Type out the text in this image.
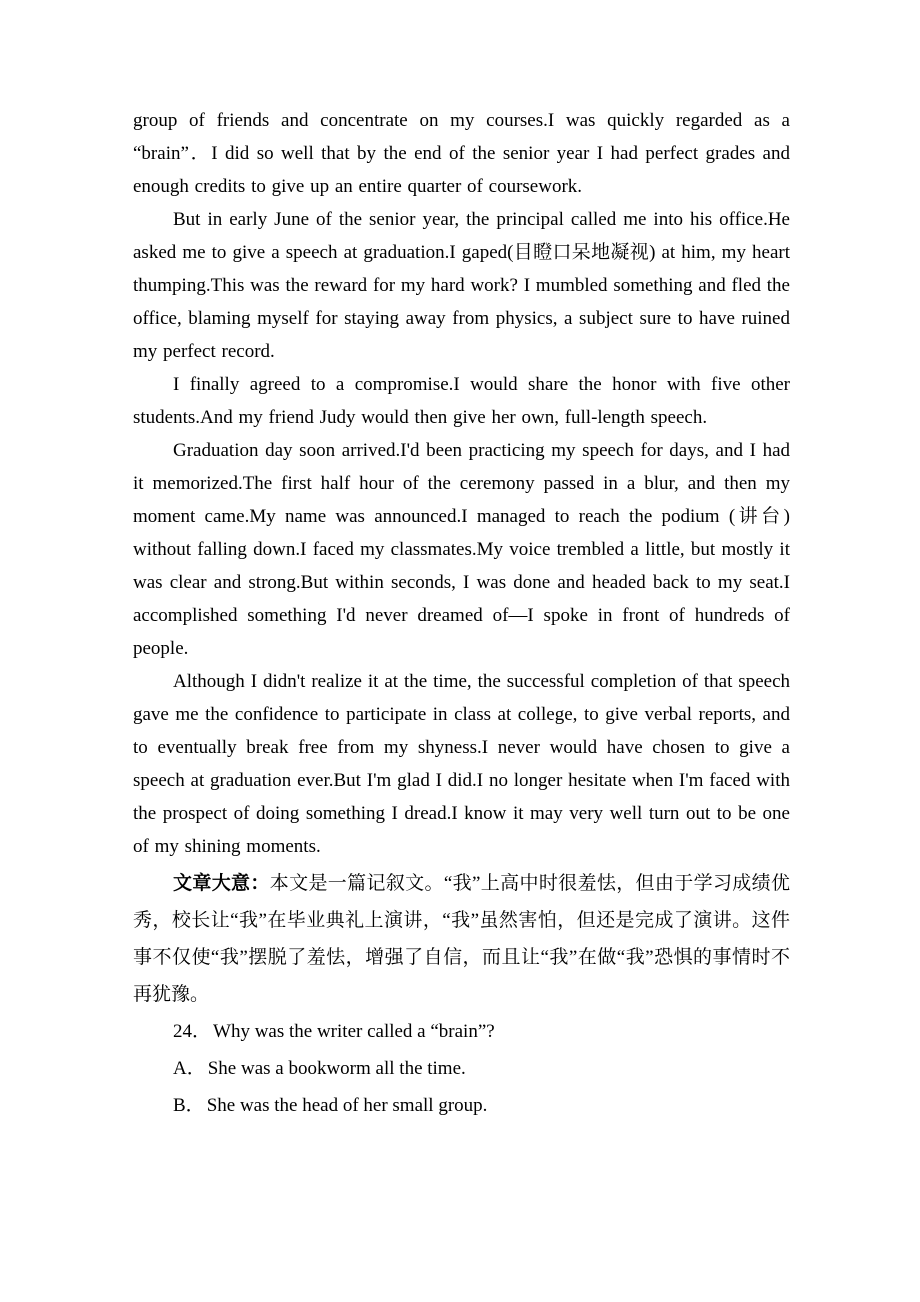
group of friends and concentrate on my courses.I was quickly regarded as a “brain”．I did so well that by the end of the senior year I had perfect grades and enough credits to give up an entire quarter of coursework.

But in early June of the senior year, the principal called me into his office.He asked me to give a speech at graduation.I gaped(目瞪口呆地凝视) at him, my heart thumping.This was the reward for my hard work? I mumbled something and fled the office, blaming myself for staying away from physics, a subject sure to have ruined my perfect record.

I finally agreed to a compromise.I would share the honor with five other students.And my friend Judy would then give her own, full-length speech.

Graduation day soon arrived.I'd been practicing my speech for days, and I had it memorized.The first half hour of the ceremony passed in a blur, and then my moment came.My name was announced.I managed to reach the podium (讲台) without falling down.I faced my classmates.My voice trembled a little, but mostly it was clear and strong.But within seconds, I was done and headed back to my seat.I accomplished something I'd never dreamed of—I spoke in front of hundreds of people.

Although I didn't realize it at the time, the successful completion of that speech gave me the confidence to participate in class at college, to give verbal reports, and to eventually break free from my shyness.I never would have chosen to give a speech at graduation ever.But I'm glad I did.I no longer hesitate when I'm faced with the prospect of doing something I dread.I know it may very well turn out to be one of my shining moments.

文章大意：本文是一篇记叙文。“我”上高中时很羞怯，但由于学习成绩优秀，校长让“我”在毕业典礼上演讲，“我”虽然害怕，但还是完成了演讲。这件事不仅使“我”摆脱了羞怯，增强了自信，而且让“我”在做“我”恐惧的事情时不再犹豫。

24． Why was the writer called a “brain”?

A． She was a bookworm all the time.

B． She was the head of her small group.
